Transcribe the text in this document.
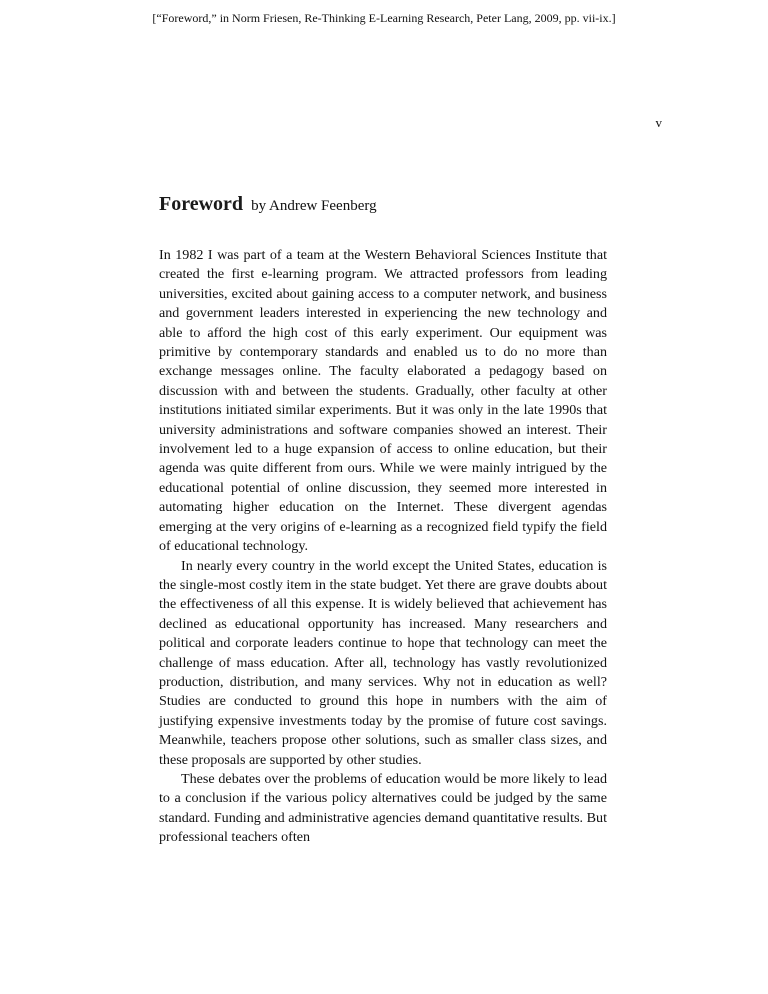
[“Foreword,” in Norm Friesen, Re-Thinking E-Learning Research, Peter Lang, 2009, pp. vii-ix.]
v
Foreword by Andrew Feenberg

In 1982 I was part of a team at the Western Behavioral Sciences Institute that created the first e-learning program. We attracted professors from leading universities, excited about gaining access to a computer network, and business and government leaders interested in experiencing the new technology and able to afford the high cost of this early experiment. Our equipment was primitive by contemporary standards and enabled us to do no more than exchange messages online. The faculty elaborated a pedagogy based on discussion with and between the students. Gradually, other faculty at other institutions initiated similar experiments. But it was only in the late 1990s that university administrations and software companies showed an interest. Their involvement led to a huge expansion of access to online education, but their agenda was quite different from ours. While we were mainly intrigued by the educational potential of online discussion, they seemed more interested in automating higher education on the Internet. These divergent agendas emerging at the very origins of e-learning as a recognized field typify the field of educational technology.

In nearly every country in the world except the United States, education is the single-most costly item in the state budget. Yet there are grave doubts about the effectiveness of all this expense. It is widely believed that achievement has declined as educational opportunity has increased. Many researchers and political and corporate leaders continue to hope that technology can meet the challenge of mass education. After all, technology has vastly revolutionized production, distribution, and many services. Why not in education as well? Studies are conducted to ground this hope in numbers with the aim of justifying expensive investments today by the promise of future cost savings. Meanwhile, teachers propose other solutions, such as smaller class sizes, and these proposals are supported by other studies.

These debates over the problems of education would be more likely to lead to a conclusion if the various policy alternatives could be judged by the same standard. Funding and administrative agencies demand quantitative results. But professional teachers often
